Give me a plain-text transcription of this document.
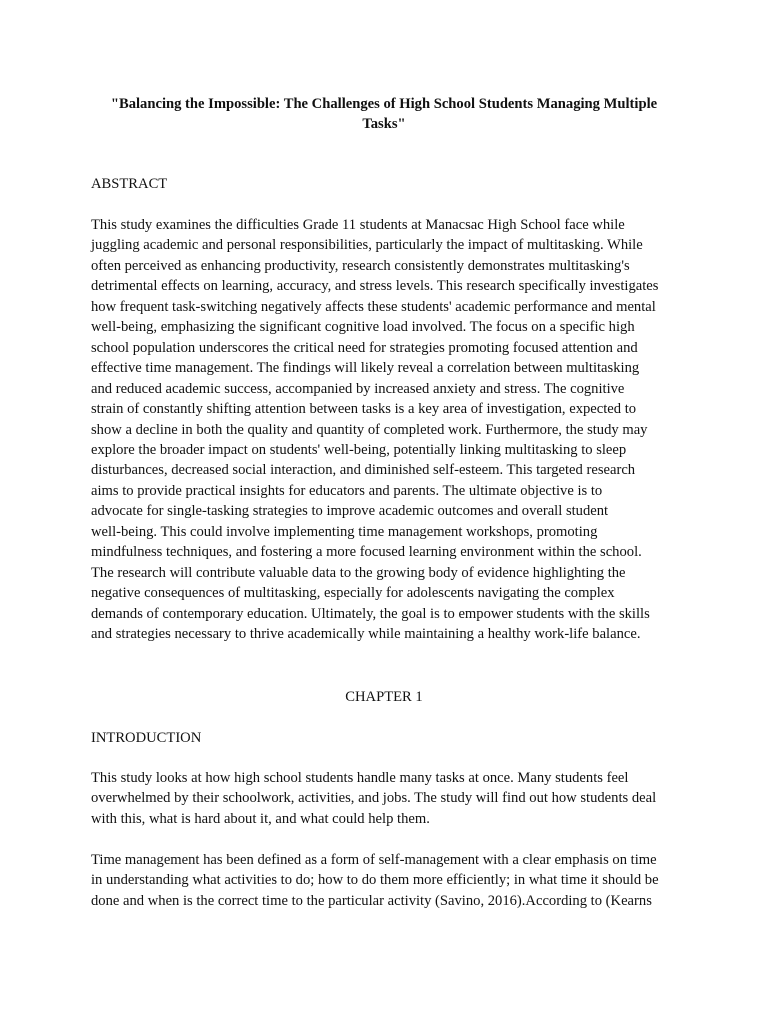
"Balancing the Impossible: The Challenges of High School Students Managing Multiple
Tasks"
ABSTRACT
This study examines the difficulties Grade 11 students at Manacsac High School face while
juggling academic and personal responsibilities, particularly the impact of multitasking. While
often perceived as enhancing productivity, research consistently demonstrates multitasking's
detrimental effects on learning, accuracy, and stress levels. This research specifically investigates
how frequent task-switching negatively affects these students' academic performance and mental
well-being, emphasizing the significant cognitive load involved. The focus on a specific high
school population underscores the critical need for strategies promoting focused attention and
effective time management. The findings will likely reveal a correlation between multitasking
and reduced academic success, accompanied by increased anxiety and stress. The cognitive
strain of constantly shifting attention between tasks is a key area of investigation, expected to
show a decline in both the quality and quantity of completed work. Furthermore, the study may
explore the broader impact on students' well-being, potentially linking multitasking to sleep
disturbances, decreased social interaction, and diminished self-esteem. This targeted research
aims to provide practical insights for educators and parents. The ultimate objective is to
advocate for single-tasking strategies to improve academic outcomes and overall student
well-being. This could involve implementing time management workshops, promoting
mindfulness techniques, and fostering a more focused learning environment within the school.
The research will contribute valuable data to the growing body of evidence highlighting the
negative consequences of multitasking, especially for adolescents navigating the complex
demands of contemporary education. Ultimately, the goal is to empower students with the skills
and strategies necessary to thrive academically while maintaining a healthy work-life balance.
CHAPTER 1
INTRODUCTION
This study looks at how high school students handle many tasks at once. Many students feel
overwhelmed by their schoolwork, activities, and jobs. The study will find out how students deal
with this, what is hard about it, and what could help them.
Time management has been defined as a form of self-management with a clear emphasis on time
in understanding what activities to do; how to do them more efficiently; in what time it should be
done and when is the correct time to the particular activity (Savino, 2016).According to (Kearns
